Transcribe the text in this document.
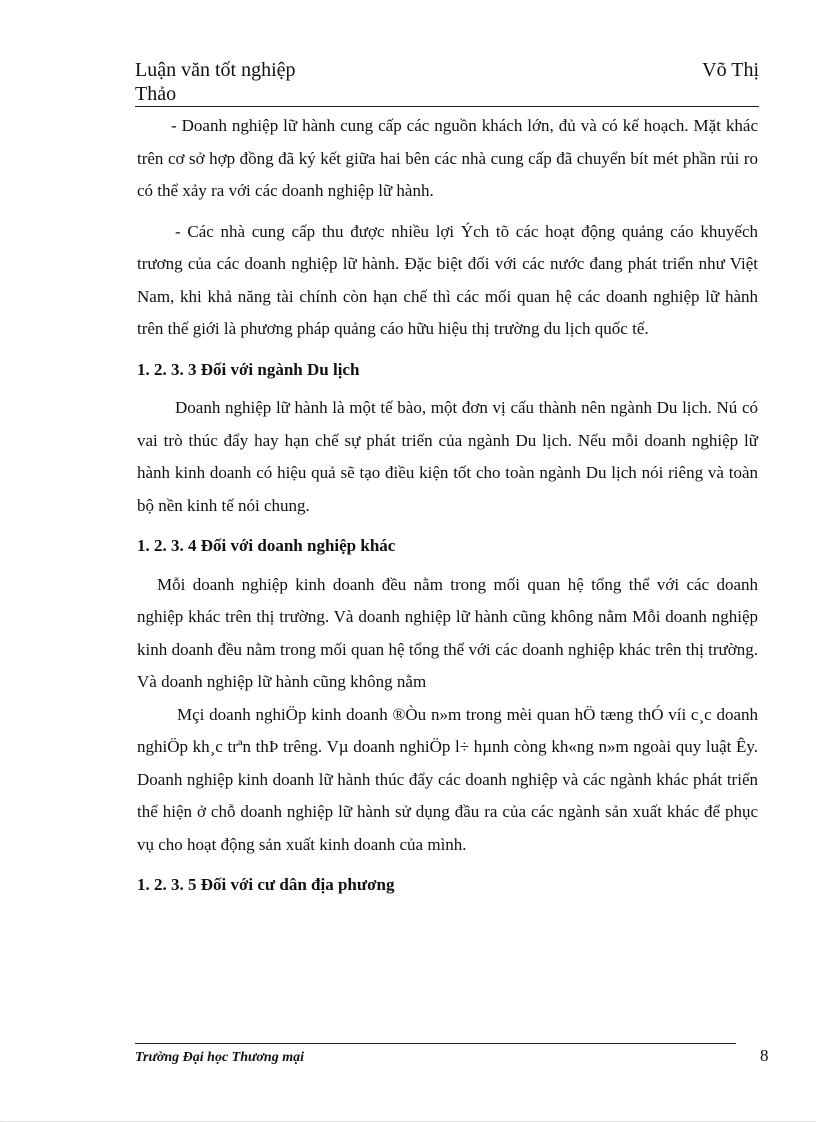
Luận văn tốt nghiệp	Võ Thị
Thảo

- Doanh nghiệp lữ hành cung cấp các nguồn khách lớn, đủ và có kế hoạch. Mặt khác trên cơ sở hợp đồng đã ký kết giữa hai bên các nhà cung cấp đã chuyển bít mét phần rủi ro có thể xảy ra với các doanh nghiệp lữ hành.

- Các nhà cung cấp thu được nhiều lợi Ých tõ các hoạt động quảng cáo khuyếch trương của các doanh nghiệp lữ hành. Đặc biệt đối với các nước đang phát triển như Việt Nam, khi khả năng tài chính còn hạn chế thì các mối quan hệ các doanh nghiệp lữ hành trên thế giới là phương pháp quảng cáo hữu hiệu thị trường du lịch quốc tế.

1. 2. 3. 3 Đối với ngành Du lịch

Doanh nghiệp lữ hành là một tế bào, một đơn vị cấu thành nên ngành Du lịch. Nú có vai trò thúc đẩy hay hạn chế sự phát triển của ngành Du lịch. Nếu mỗi doanh nghiệp lữ hành kinh doanh có hiệu quả sẽ tạo điều kiện tốt cho toàn ngành Du lịch nói riêng và toàn bộ nền kinh tế nói chung.

1. 2. 3. 4 Đối với doanh nghiệp khác

Mỗi doanh nghiệp kinh doanh đều nằm trong mối quan hệ tổng thể với các doanh nghiệp khác trên thị trường. Và doanh nghiệp lữ hành cũng không nằm Mỗi doanh nghiệp kinh doanh đều nằm trong mối quan hệ tổng thể với các doanh nghiệp khác trên thị trường. Và doanh nghiệp lữ hành cũng không nằm

Mçi doanh nghiÖp kinh doanh ®Òu n»m trong mèi quan hÖ tæng thÓ víi c¸c doanh nghiÖp kh¸c trªn thÞ trêng. Vµ doanh nghiÖp l÷ hµnh còng kh«ng n»m ngoài quy luật Êy. Doanh nghiệp kinh doanh lữ hành thúc đẩy các doanh nghiệp và các ngành khác phát triển thể hiện ở chỗ doanh nghiệp lữ hành sử dụng đầu ra của các ngành sản xuất khác để phục vụ cho hoạt động sản xuất kinh doanh của mình.

1. 2. 3. 5 Đối với cư dân địa phương

Trường Đại học Thương mại	8
